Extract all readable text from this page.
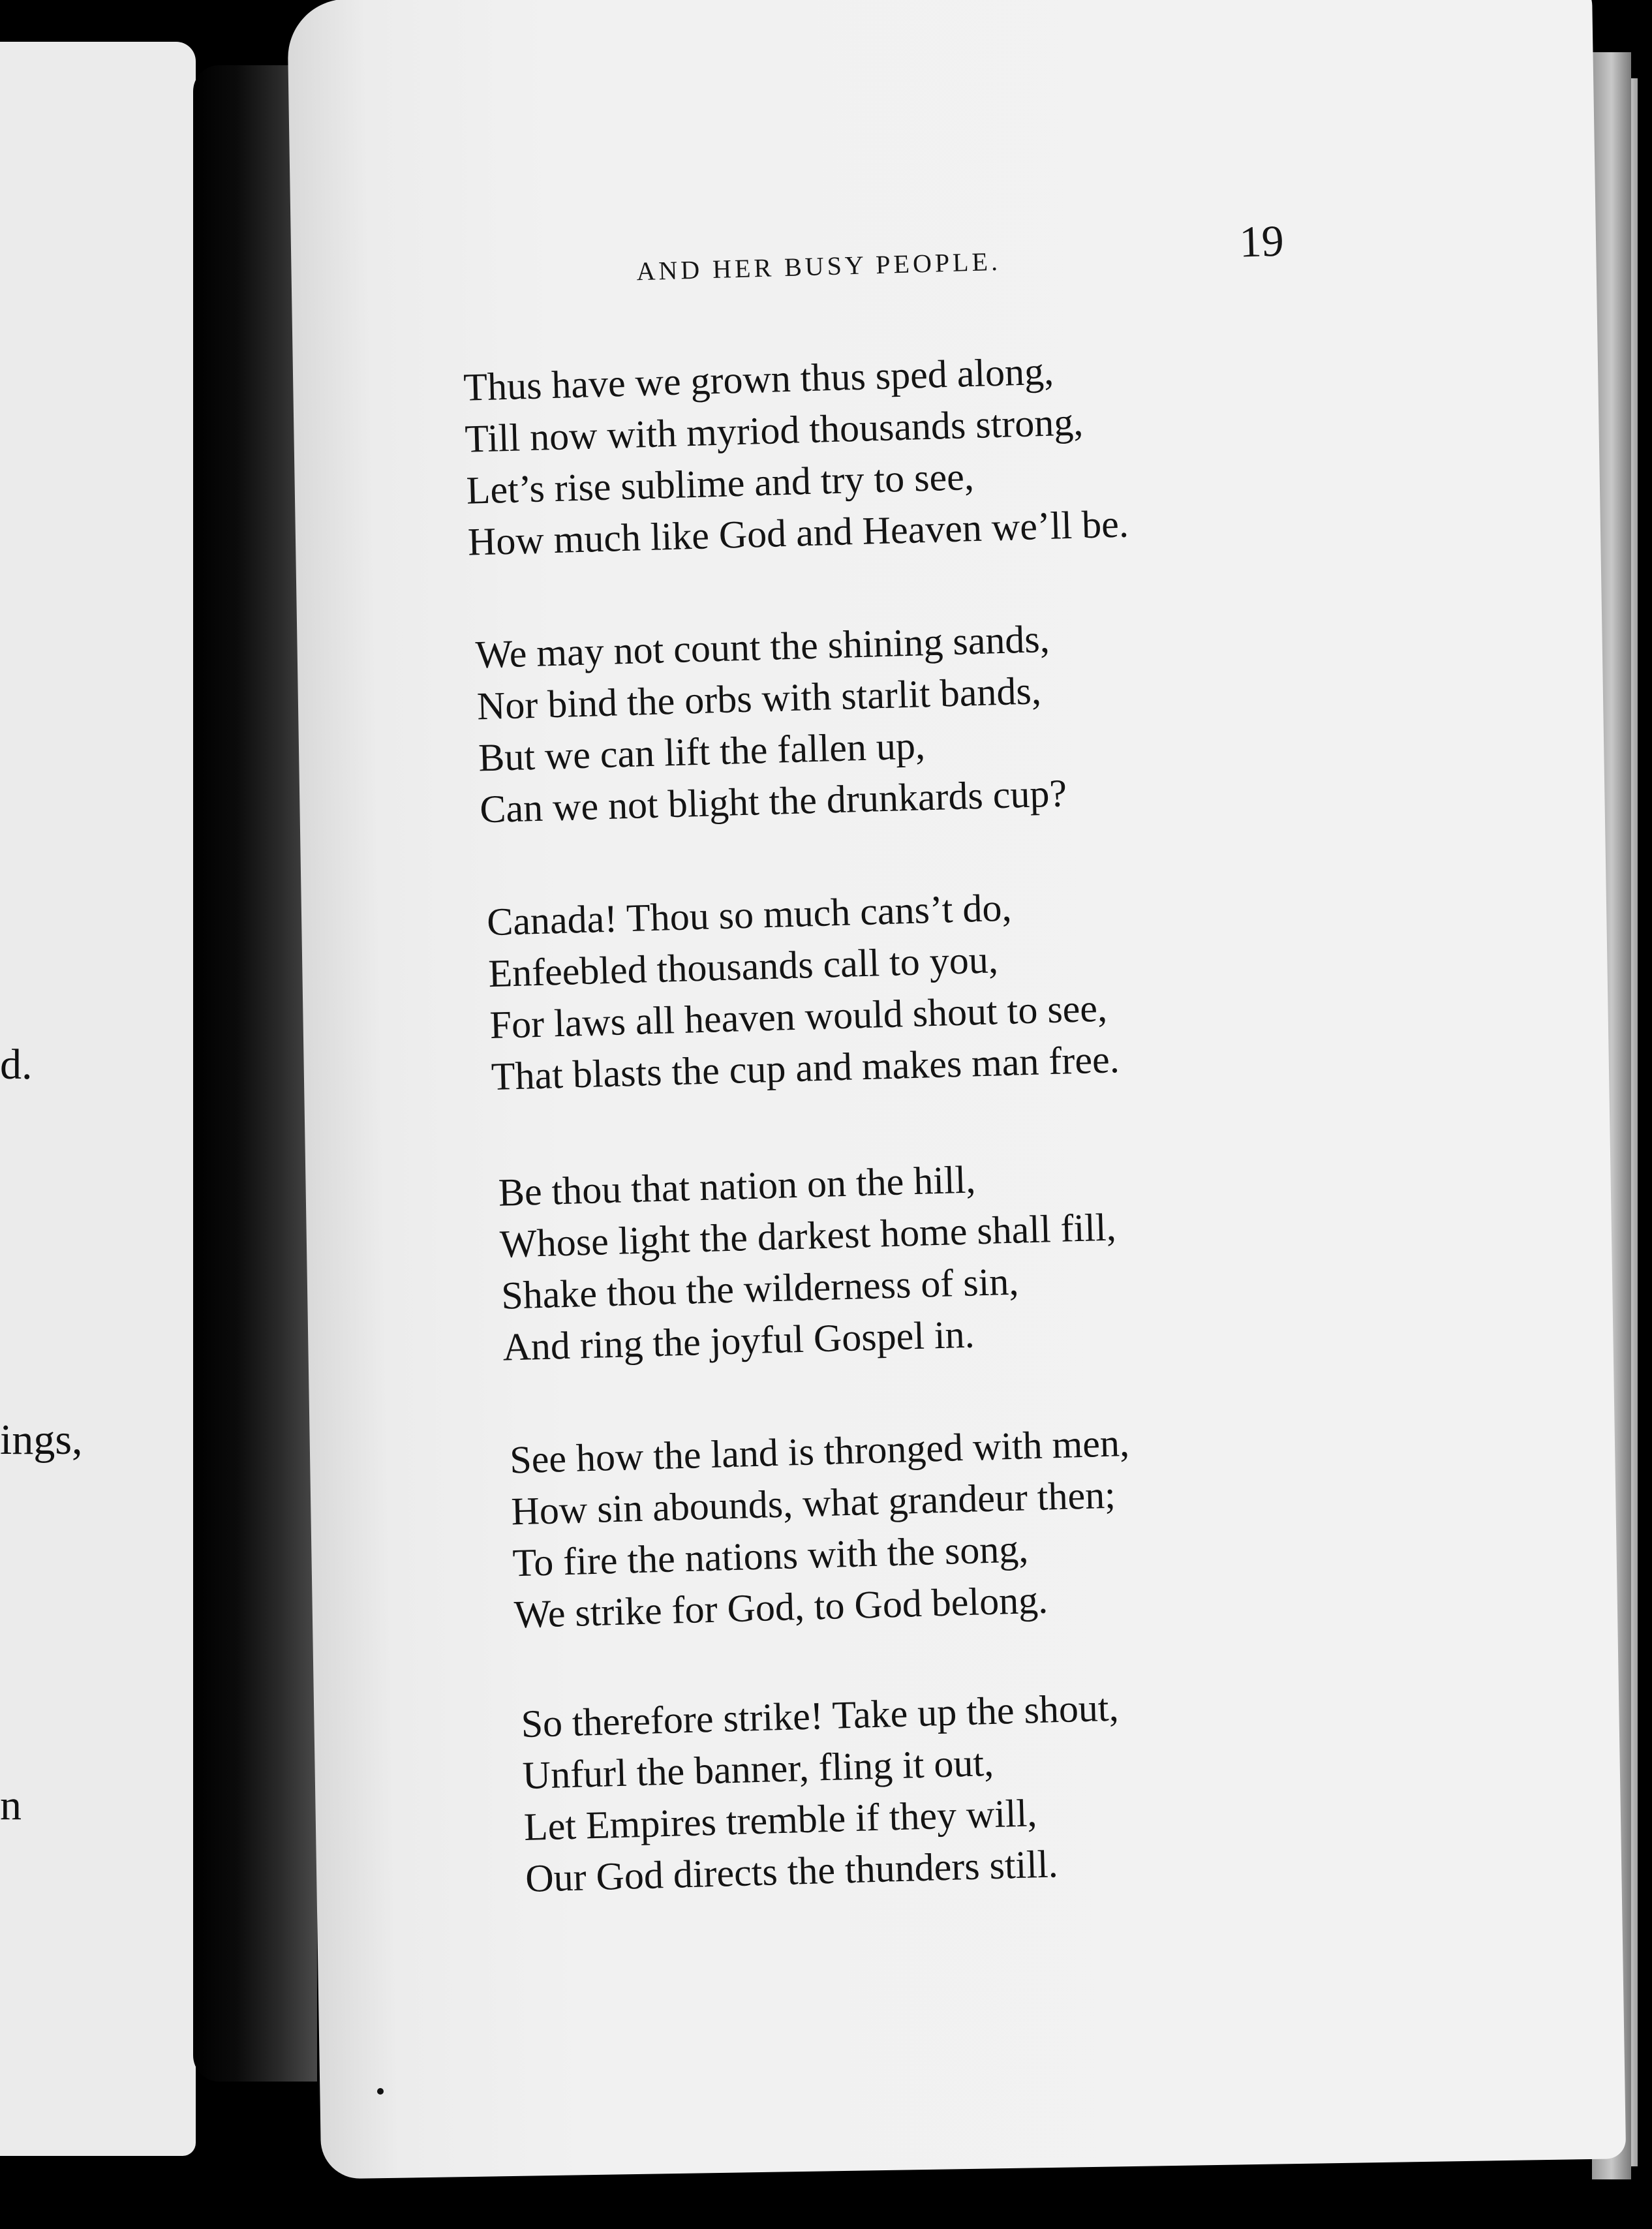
d.
ings,
n
AND HER BUSY PEOPLE.	19
Thus have we grown thus sped along,
Till now with myriod thousands strong,
Let’s rise sublime and try to see,
How much like God and Heaven we’ll be.
We may not count the shining sands,
Nor bind the orbs with starlit bands,
But we can lift the fallen up,
Can we not blight the drunkards cup?
Canada! Thou so much cans’t do,
Enfeebled thousands call to you,
For laws all heaven would shout to see,
That blasts the cup and makes man free.
Be thou that nation on the hill,
Whose light the darkest home shall fill,
Shake thou the wilderness of sin,
And ring the joyful Gospel in.
See how the land is thronged with men,
How sin abounds, what grandeur then;
To fire the nations with the song,
We strike for God, to God belong.
So therefore strike! Take up the shout,
Unfurl the banner, fling it out,
Let Empires tremble if they will,
Our God directs the thunders still.
